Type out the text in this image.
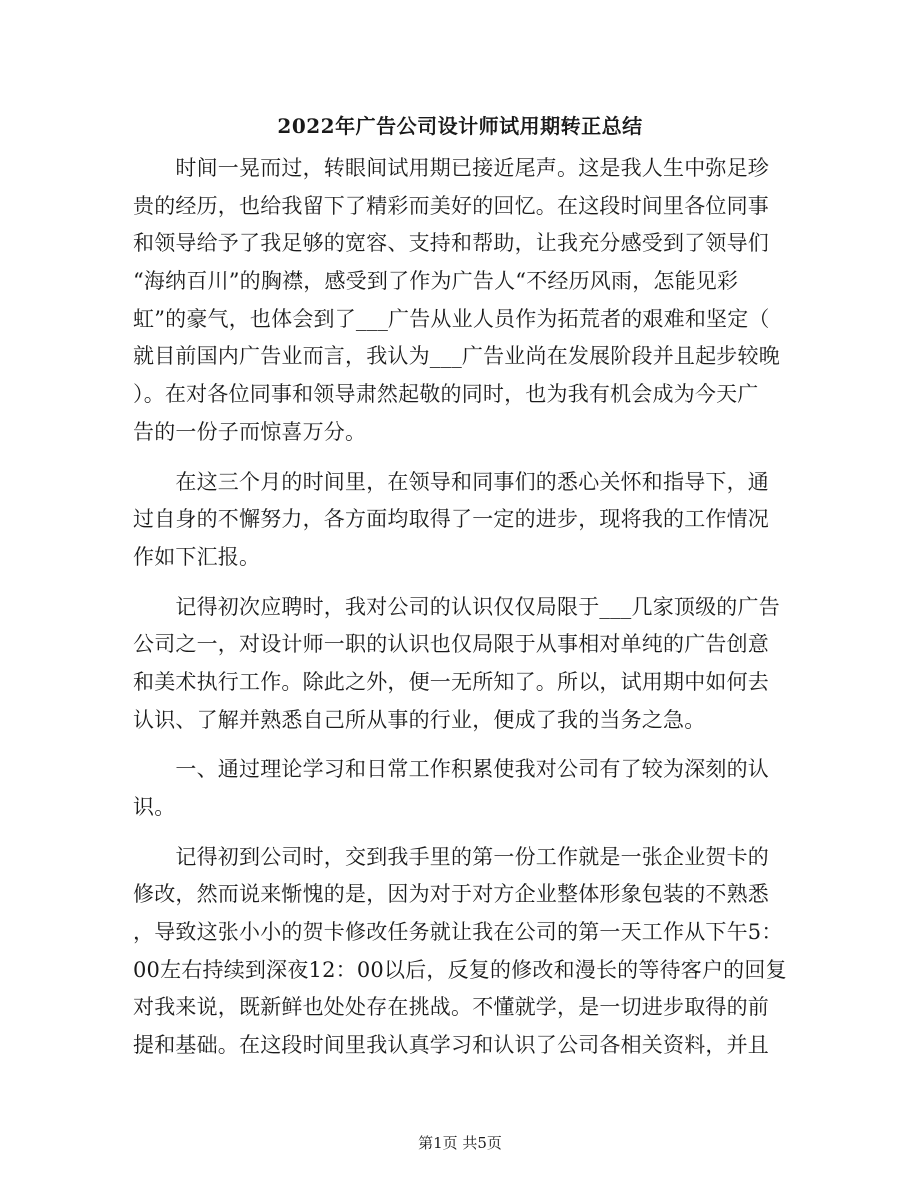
2022年广告公司设计师试用期转正总结
　　时间一晃而过，转眼间试用期已接近尾声。这是我人生中弥足珍
贵的经历，也给我留下了精彩而美好的回忆。在这段时间里各位同事
和领导给予了我足够的宽容、支持和帮助，让我充分感受到了领导们
“海纳百川”的胸襟，感受到了作为广告人“不经历风雨，怎能见彩
虹”的豪气，也体会到了___广告从业人员作为拓荒者的艰难和坚定（
就目前国内广告业而言，我认为___广告业尚在发展阶段并且起步较晚
）。在对各位同事和领导肃然起敬的同时，也为我有机会成为今天广
告的一份子而惊喜万分。
　　在这三个月的时间里，在领导和同事们的悉心关怀和指导下，通
过自身的不懈努力，各方面均取得了一定的进步，现将我的工作情况
作如下汇报。
　　记得初次应聘时，我对公司的认识仅仅局限于___几家顶级的广告
公司之一，对设计师一职的认识也仅局限于从事相对单纯的广告创意
和美术执行工作。除此之外，便一无所知了。所以，试用期中如何去
认识、了解并熟悉自己所从事的行业，便成了我的当务之急。
　　一、通过理论学习和日常工作积累使我对公司有了较为深刻的认
识。
　　记得初到公司时，交到我手里的第一份工作就是一张企业贺卡的
修改，然而说来惭愧的是，因为对于对方企业整体形象包装的不熟悉
，导致这张小小的贺卡修改任务就让我在公司的第一天工作从下午5：
00左右持续到深夜12：00以后，反复的修改和漫长的等待客户的回复
对我来说，既新鲜也处处存在挑战。不懂就学，是一切进步取得的前
提和基础。在这段时间里我认真学习和认识了公司各相关资料，并且
第1页 共5页
